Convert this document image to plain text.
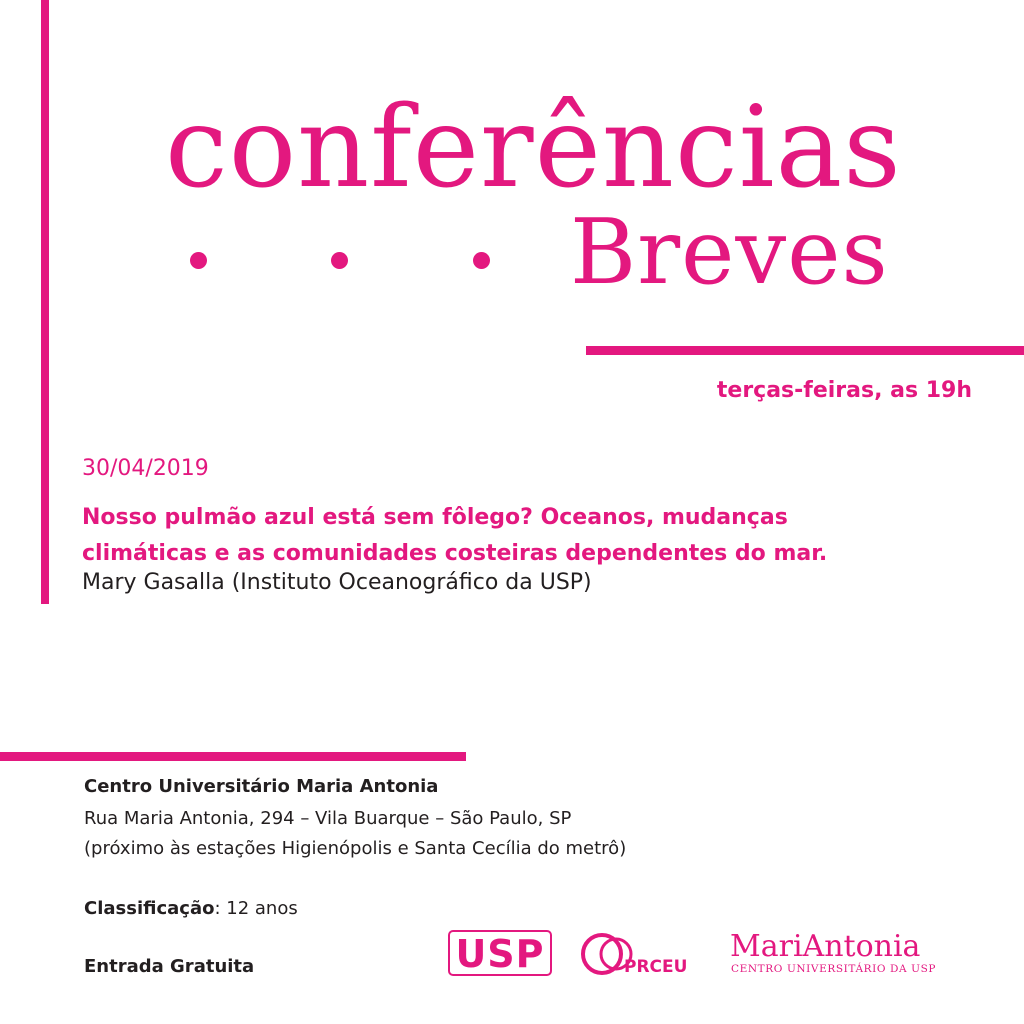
conferências
Breves
terças-feiras, as 19h
30/04/2019
Nosso pulmão azul está sem fôlego? Oceanos, mudanças climáticas e as comunidades costeiras dependentes do mar.
Mary Gasalla (Instituto Oceanográfico da USP)
Centro Universitário Maria Antonia
Rua Maria Antonia, 294 – Vila Buarque – São Paulo, SP
(próximo às estações Higienópolis e Santa Cecília do metrô)
Classificação: 12 anos
Entrada Gratuita	USP	PRCEU
MariAntonia
CENTRO UNIVERSITÁRIO DA USP
